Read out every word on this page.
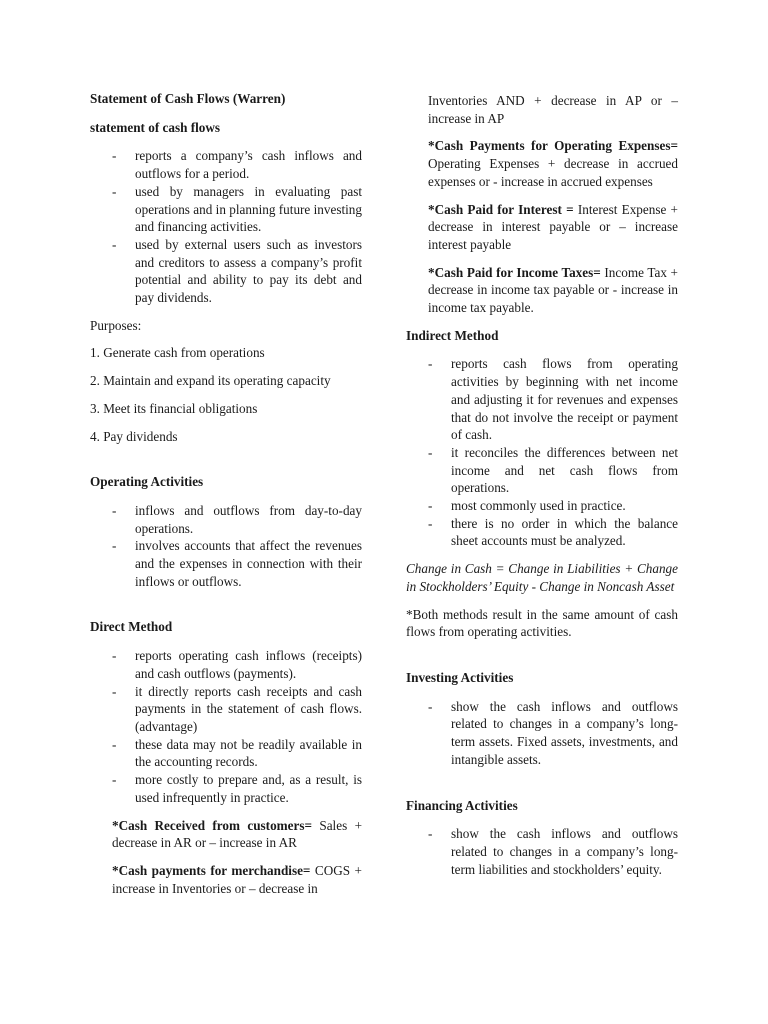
Statement of Cash Flows (Warren)

statement of cash flows

- reports a company’s cash inflows and outflows for a period.
- used by managers in evaluating past operations and in planning future investing and financing activities.
- used by external users such as investors and creditors to assess a company’s profit potential and ability to pay its debt and pay dividends.

Purposes:

1. Generate cash from operations

2. Maintain and expand its operating capacity

3. Meet its financial obligations

4. Pay dividends

Operating Activities

- inflows and outflows from day-to-day operations.
- involves accounts that affect the revenues and the expenses in connection with their inflows or outflows.

Direct Method

- reports operating cash inflows (receipts) and cash outflows (payments).
- it directly reports cash receipts and cash payments in the statement of cash flows. (advantage)
- these data may not be readily available in the accounting records.
- more costly to prepare and, as a result, is used infrequently in practice.

*Cash Received from customers= Sales + decrease in AR or – increase in AR

*Cash payments for merchandise= COGS + increase in Inventories or – decrease in

Inventories AND + decrease in AP or – increase in AP

*Cash Payments for Operating Expenses= Operating Expenses + decrease in accrued expenses or - increase in accrued expenses

*Cash Paid for Interest = Interest Expense + decrease in interest payable or – increase interest payable

*Cash Paid for Income Taxes= Income Tax + decrease in income tax payable or - increase in income tax payable.

Indirect Method

- reports cash flows from operating activities by beginning with net income and adjusting it for revenues and expenses that do not involve the receipt or payment of cash.
- it reconciles the differences between net income and net cash flows from operations.
- most commonly used in practice.
- there is no order in which the balance sheet accounts must be analyzed.

Change in Cash = Change in Liabilities + Change in Stockholders’ Equity - Change in Noncash Asset

*Both methods result in the same amount of cash flows from operating activities.

Investing Activities

- show the cash inflows and outflows related to changes in a company’s long-term assets. Fixed assets, investments, and intangible assets.

Financing Activities

- show the cash inflows and outflows related to changes in a company’s long-term liabilities and stockholders’ equity.
